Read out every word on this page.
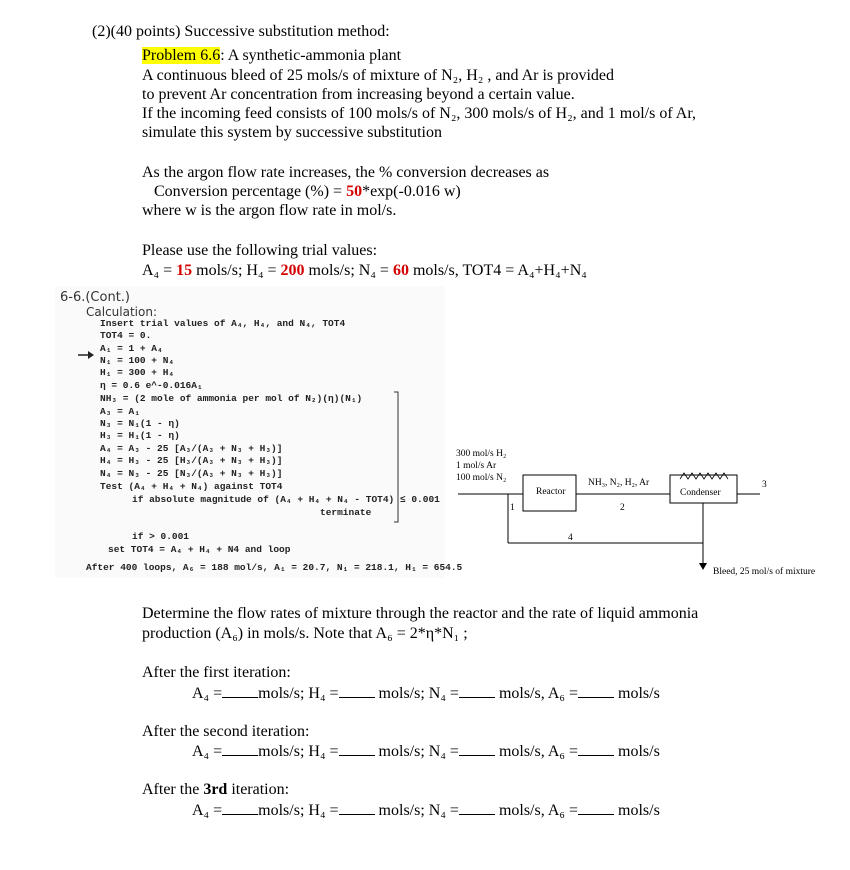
(2)(40 points) Successive substitution method:
Problem 6.6: A synthetic-ammonia plant
A continuous bleed of 25 mols/s of mixture of N₂, H₂ , and Ar is provided
to prevent Ar concentration from increasing beyond a certain value.
If the incoming feed consists of 100 mols/s of N₂, 300 mols/s of H₂, and 1 mol/s of Ar,
simulate this system by successive substitution
As the argon flow rate increases, the % conversion decreases as
Conversion percentage (%) = 50*exp(-0.016 w)
where w is the argon flow rate in mol/s.
Please use the following trial values:
A₄ = 15 mols/s; H₄ = 200 mols/s; N₄ = 60 mols/s, TOT4 = A₄+H₄+N₄
6-6.(Cont.)
Calculation:
Insert trial values of A₄, H₄, and N₄, TOT4
TOT4 = 0.
A₁ = 1 + A₄
N₁ = 100 + N₄
H₁ = 300 + H₄
η = 0.6 e^-0.016A₁
NH₃ = (2 mole of ammonia per mol of N₂)(η)(N₁)
A₃ = A₁
N₃ = N₁(1 - η)
H₃ = H₁(1 - η)
A₄ = A₃ - 25 [A₃/(A₃ + N₃ + H₃)]
H₄ = H₃ - 25 [H₃/(A₃ + N₃ + H₃)]
N₄ = N₃ - 25 [N₃/(A₃ + N₃ + H₃)]
Test (A₄ + H₄ + N₄) against TOT4
if absolute magnitude of (A₄ + H₄ + N₄ - TOT4) ≤ 0.001
terminate
if > 0.001
set TOT4 = A₄ + H₄ + N4 and loop
After 400 loops, A₆ = 188 mol/s, A₁ = 20.7, N₁ = 218.1, H₁ = 654.5
300 mol/s H₂
1 mol/s Ar
100 mol/s N₂
Reactor	Condenser
NH₃, N₂, H₂, Ar
1	2
3
4
Bleed, 25 mol/s of mixture
Determine the flow rates of mixture through the reactor and the rate of liquid ammonia
production (A₆) in mols/s. Note that A₆ = 2*η*N₁ ;
After the first iteration:
A₄ = mols/s; H₄ =	mols/s; N₄ =	mols/s, A₆ =	mols/s
After the second iteration:
A₄ = mols/s; H₄ =	mols/s; N₄ =	mols/s, A₆ =	mols/s
After the 3rd iteration:
A₄ = mols/s; H₄ =	mols/s; N₄ =	mols/s, A₆ =	mols/s
